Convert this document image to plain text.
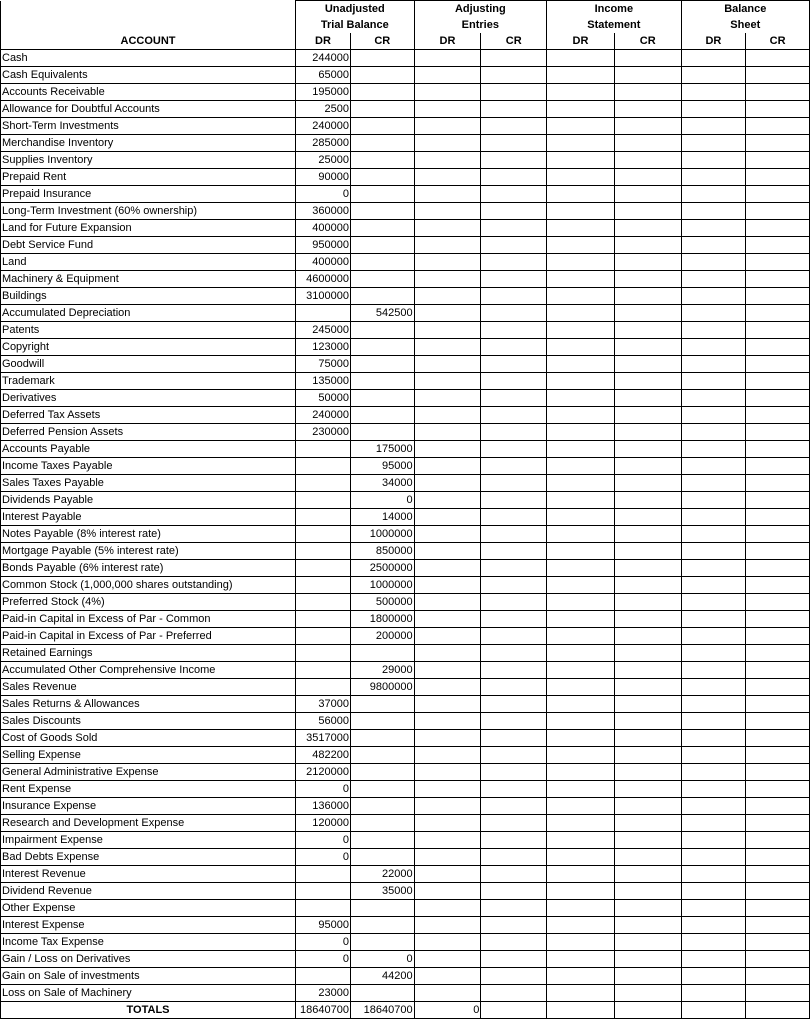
	Unadjusted		Adjusting		Income		Balance	
	Trial Balance		Entries		Statement		Sheet	
ACCOUNT	DR	CR	DR	CR	DR	CR	DR	CR
Cash	244000							
Cash Equivalents	65000							
Accounts Receivable	195000							
Allowance for Doubtful Accounts	2500							
Short-Term Investments	240000							
Merchandise Inventory	285000							
Supplies Inventory	25000							
Prepaid Rent	90000							
Prepaid Insurance	0							
Long-Term Investment (60% ownership)	360000							
Land for Future Expansion	400000							
Debt Service Fund	950000							
Land	400000							
Machinery & Equipment	4600000							
Buildings	3100000							
Accumulated Depreciation		542500						
Patents	245000							
Copyright	123000							
Goodwill	75000							
Trademark	135000							
Derivatives	50000							
Deferred Tax Assets	240000							
Deferred Pension Assets	230000							
Accounts Payable		175000						
Income Taxes Payable		95000						
Sales Taxes Payable		34000						
Dividends Payable		0						
Interest Payable		14000						
Notes Payable (8% interest rate)		1000000						
Mortgage Payable (5% interest rate)		850000						
Bonds Payable (6% interest rate)		2500000						
Common Stock (1,000,000 shares outstanding)		1000000						
Preferred Stock (4%)		500000						
Paid-in Capital in Excess of Par - Common		1800000						
Paid-in Capital in Excess of Par - Preferred		200000						
Retained Earnings								
Accumulated Other Comprehensive Income		29000						
Sales Revenue		9800000						
Sales Returns & Allowances	37000							
Sales Discounts	56000							
Cost of Goods Sold	3517000							
Selling Expense	482200							
General Administrative Expense	2120000							
Rent Expense	0							
Insurance Expense	136000							
Research and Development Expense	120000							
Impairment Expense	0							
Bad Debts Expense	0							
Interest Revenue		22000						
Dividend Revenue		35000						
Other Expense								
Interest Expense	95000							
Income Tax Expense	0							
Gain / Loss on Derivatives	0	0						
Gain on Sale of investments		44200						
Loss on Sale of Machinery	23000							
TOTALS	18640700	18640700	0					
